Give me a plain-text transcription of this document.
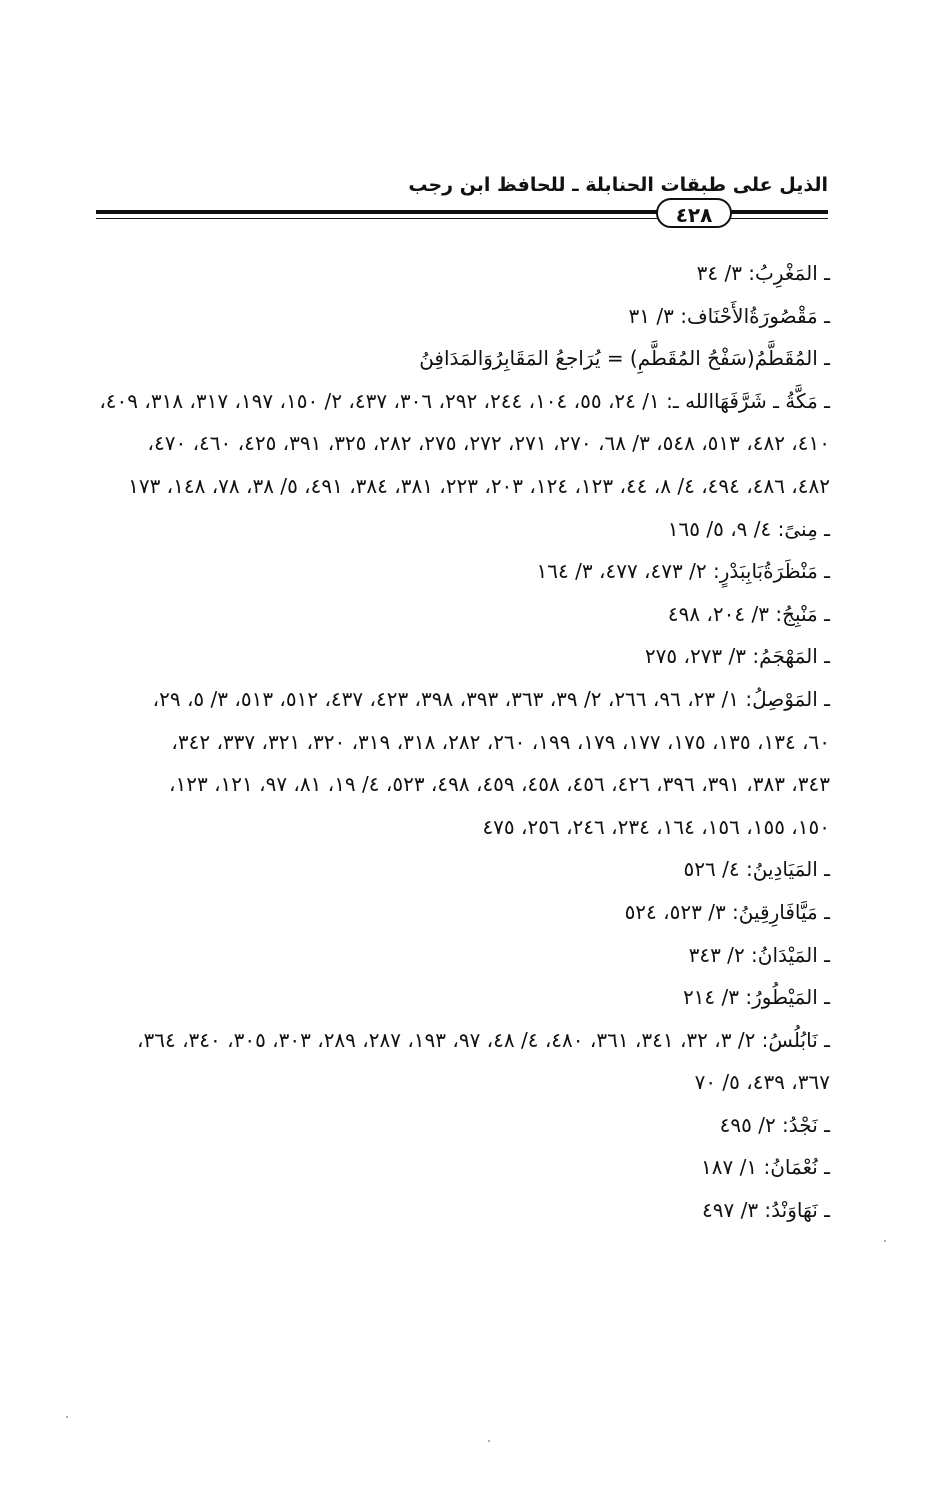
الذيل على طبقات الحنابلة ـ للحافظ ابن رجب
٤٢٨
ـ المَغْرِبُ: ٣/ ٣٤
ـ مَقْصُورَةُالأَحْنَاف: ٣/ ٣١
ـ المُقَطَّمُ(سَفْحُ المُقَطَّمِ) = يُرَاجعُ المَقَابِرُوَالمَدَافِنُ
ـ مَكَّةُ ـ شَرَّفَهَاالله ـ: ١/ ٢٤، ٥٥، ١٠٤، ٢٤٤، ٢٩٢، ٣٠٦، ٤٣٧، ٢/ ١٥٠، ١٩٧، ٣١٧، ٣١٨، ٤٠٩،
٤١٠، ٤٨٢، ٥١٣، ٥٤٨، ٣/ ٦٨، ٢٧٠، ٢٧١، ٢٧٢، ٢٧٥، ٢٨٢، ٣٢٥، ٣٩١، ٤٢٥، ٤٦٠، ٤٧٠،
٤٨٢، ٤٨٦، ٤٩٤، ٤/ ٨، ٤٤، ١٢٣، ١٢٤، ٢٠٣، ٢٢٣، ٣٨١، ٣٨٤، ٤٩١، ٥/ ٣٨، ٧٨، ١٤٨، ١٧٣
ـ مِنىً: ٤/ ٩، ٥/ ١٦٥
ـ مَنْظَرَةُبَابِبَدْرٍ: ٢/ ٤٧٣، ٤٧٧، ٣/ ١٦٤
ـ مَنْبِجُ: ٣/ ٢٠٤، ٤٩٨
ـ المَهْجَمُ: ٣/ ٢٧٣، ٢٧٥
ـ المَوْصِلُ: ١/ ٢٣، ٩٦، ٢٦٦، ٢/ ٣٩، ٣٦٣، ٣٩٣، ٣٩٨، ٤٢٣، ٤٣٧، ٥١٢، ٥١٣، ٣/ ٥، ٢٩،
٦٠، ١٣٤، ١٣٥، ١٧٥، ١٧٧، ١٧٩، ١٩٩، ٢٦٠، ٢٨٢، ٣١٨، ٣١٩، ٣٢٠، ٣٢١، ٣٣٧، ٣٤٢،
٣٤٣، ٣٨٣، ٣٩١، ٣٩٦، ٤٢٦، ٤٥٦، ٤٥٨، ٤٥٩، ٤٩٨، ٥٢٣، ٤/ ١٩، ٨١، ٩٧، ١٢١، ١٢٣،
١٥٠، ١٥٥، ١٥٦، ١٦٤، ٢٣٤، ٢٤٦، ٢٥٦، ٤٧٥
ـ المَيَادِينُ: ٤/ ٥٢٦
ـ مَيَّافَارِقِينُ: ٣/ ٥٢٣، ٥٢٤
ـ المَيْدَانُ: ٢/ ٣٤٣
ـ المَيْطُورُ: ٣/ ٢١٤
ـ نَابُلُسُ: ٢/ ٣، ٣٢، ٣٤١، ٣٦١، ٤٨٠، ٤/ ٤٨، ٩٧، ١٩٣، ٢٨٧، ٢٨٩، ٣٠٣، ٣٠٥، ٣٤٠، ٣٦٤،
٣٦٧، ٤٣٩، ٥/ ٧٠
ـ نَجْدُ: ٢/ ٤٩٥
ـ نُعْمَانُ: ١/ ١٨٧
ـ نَهَاوَنْدُ: ٣/ ٤٩٧
